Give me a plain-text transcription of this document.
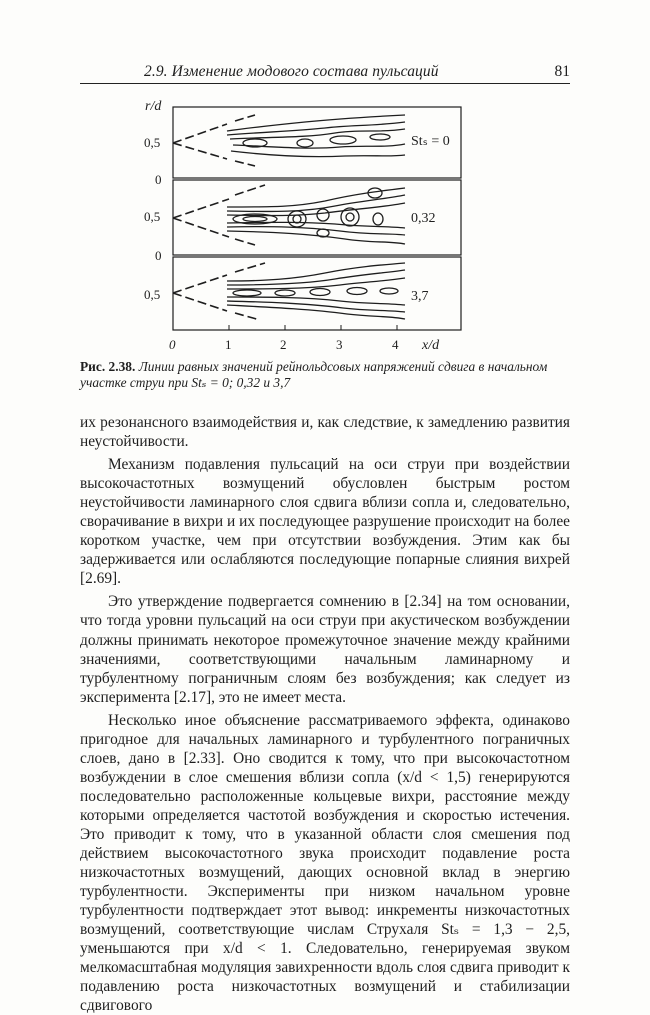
2.9. Изменение модового состава пульсаций	81
r/d
0,5
0
0,5
0
0,5
Stₛ = 0
0,32
3,7
0	1	2	3	4 x/d
Рис. 2.38. Линии равных значений рейнольдсовых напряжений сдвига в начальном участке струи при Stₛ = 0; 0,32 и 3,7

их резонансного взаимодействия и, как следствие, к замедлению развития неустойчивости.

Механизм подавления пульсаций на оси струи при воздействии высокочастотных возмущений обусловлен быстрым ростом неустойчивости ламинарного слоя сдвига вблизи сопла и, следовательно, сворачивание в вихри и их последующее разрушение происходит на более коротком участке, чем при отсутствии возбуждения. Этим как бы задерживается или ослабляются последующие попарные слияния вихрей [2.69].

Это утверждение подвергается сомнению в [2.34] на том основании, что тогда уровни пульсаций на оси струи при акустическом возбуждении должны принимать некоторое промежуточное значение между крайними значениями, соответствующими начальным ламинарному и турбулентному пограничным слоям без возбуждения; как следует из эксперимента [2.17], это не имеет места.

Несколько иное объяснение рассматриваемого эффекта, одинаково пригодное для начальных ламинарного и турбулентного пограничных слоев, дано в [2.33]. Оно сводится к тому, что при высокочастотном возбуждении в слое смешения вблизи сопла (x/d < 1,5) генерируются последовательно расположенные кольцевые вихри, расстояние между которыми определяется частотой возбуждения и скоростью истечения. Это приводит к тому, что в указанной области слоя смешения под действием высокочастотного звука происходит подавление роста низкочастотных возмущений, дающих основной вклад в энергию турбулентности. Эксперименты при низком начальном уровне турбулентности подтверждает этот вывод: инкременты низкочастотных возмущений, соответствующие числам Струхаля Stₛ = 1,3 − 2,5, уменьшаются при x/d < 1. Следовательно, генерируемая звуком мелкомасштабная модуляция завихренности вдоль слоя сдвига приводит к подавлению роста низкочастотных возмущений и стабилизации сдвигового
